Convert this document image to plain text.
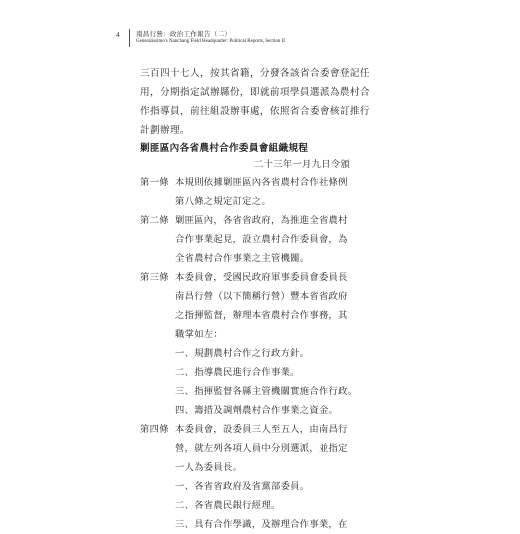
4	南昌行營：政治工作報告（二）
Generalissimo's Nanchang Field Headquarter: Political Reports, Section II
三百四十七人，按其省籍，分發各該省合委會登記任
用，分期指定試辦縣份，即就前項學員選派為農村合
作指導員，前往組設辦事處，依照省合委會核訂推行
計劃辦理。
剿匪區內各省農村合作委員會組織規程
二十三年一月九日令頒
第一條 本規則依據剿匪區內各省農村合作社條例
第八條之規定訂定之。
第二條 剿匪區內，各省省政府，為推進全省農村
合作事業起見，設立農村合作委員會，為
全省農村合作事業之主管機關。
第三條 本委員會，受國民政府軍事委員會委員長
南昌行營（以下簡稱行營）豐本省省政府
之指揮監督，辦理本省農村合作事務，其
職掌如左：
一、規劃農村合作之行政方針。
二、指導農民進行合作事業。
三、指揮監督各縣主管機關實施合作行政。
四、籌措及調劑農村合作事業之資金。
第四條 本委員會，設委員三人至五人，由南昌行
營，就左列各項人員中分別選派，並指定
一人為委員長。
一、各省省政府及省黨部委員。
二、各省農民銀行經理。
三、具有合作學識，及辦理合作事業，在
